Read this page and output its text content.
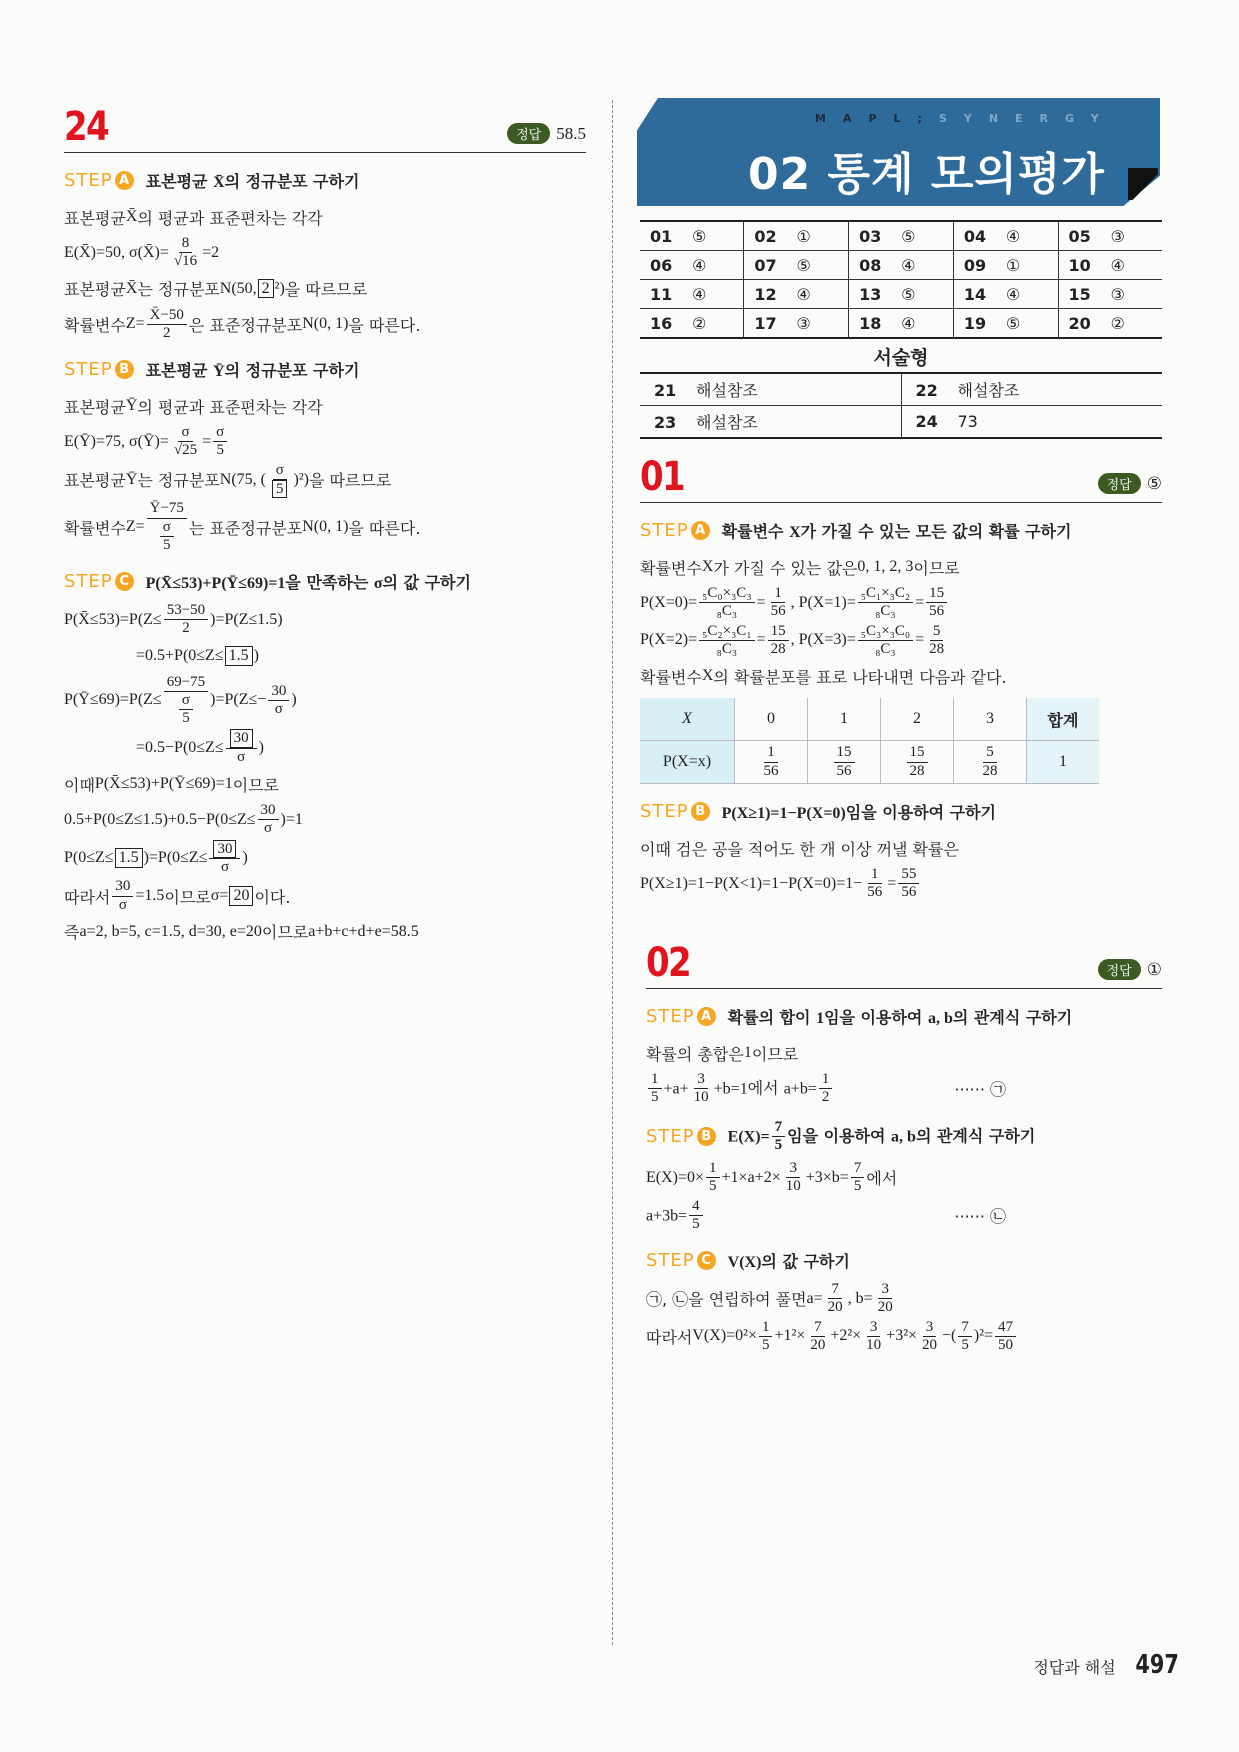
24	정답 58.5
STEP A 표본평균 X̄의 정규분포 구하기
표본평균 X̄ 의 평균과 표준편차는 각각
E(X̄)=50, σ(X̄)= $\frac{8}{√16} =2$
표본평균 X̄ 는 정규분포 N(50, 2 ²) 을 따르므로
확률변수 $Z= \frac{X̄-50}{2}$ 은 표준정규분포 N(0, 1) 을 따른다.
STEP B 표본평균 Ȳ의 정규분포 구하기
표본평균 Ȳ 의 평균과 표준편차는 각각
E(Ȳ)=75, σ(Ȳ)= $\frac{\sigma}{√25} = \frac{\sigma}{5}$
표본평균 Ȳ 는 정규분포 N(75, ( $\frac{\sigma}{5} )^2$) 을 따르므로
확률변수 $Z= \frac{Ȳ-75}{\frac{\sigma}{5}}$ 는 표준정규분포 N(0, 1) 을 따른다.
STEP C P(X̄≤53)+P(Ȳ≤69)=1을 만족하는 σ의 값 구하기
P(X̄≤53)=P(Z≤ $\frac{53-50}{2} )=P(Z\le 1.5)$
=0.5+P(0≤Z≤ 1.5 )
P(Ȳ≤69)=P(Z≤ $\frac{69-75}{\frac{\sigma}{5}} )=P(Z\le- \frac{30}{\sigma}$ )
$=0.5-P(0\le Z\le \frac{30}{\sigma}$ )
이때 P(X̄≤53)+P(Ȳ≤69)=1 이므로
$0.5+P(0\le Z\le 1.5)+0.5-P(0\le Z\le \frac{30}{\sigma} )=1$
P(0≤Z≤ 1.5 )$=P(0\le Z\le \frac{30}{\sigma}$ )
따라서 $\frac{30}{\sigma} =1.5$ 이므로 σ= 20 이다.
즉 a=2, b=5, c=1.5, d=30, e=20 이므로 a+b+c+d+e=58.5
MAPL;SYNERGY
02 통계 모의평가
01 ⑤	02 ①	03 ⑤	04 ④	05 ③
06 ④	07 ⑤	08 ④	09 ①	10 ④
11 ④	12 ④	13 ⑤	14 ④	15 ③
16 ②	17 ③	18 ④	19 ⑤	20 ②
서술형
21 해설참조	22 해설참조
23 해설참조	24 73
01	정답 ⑤
STEP A 확률변수 X가 가질 수 있는 모든 값의 확률 구하기
확률변수 X 가 가질 수 있는 값은 0, 1, 2, 3 이므로
$P(X=0)= \frac{\text{₅C₀×₃C₃}}{\text{₈C₃}} = \frac{1}{56}$ , $P(X=1)= \frac{\text{₅C₁×₃C₂}}{\text{₈C₃}} = \frac{15}{56}$
$P(X=2)= \frac{\text{₅C₂×₃C₁}}{\text{₈C₃}} = \frac{15}{28}$ , $P(X=3)= \frac{\text{₅C₃×₃C₀}}{\text{₈C₃}} = \frac{5}{28}$
확률변수 X 의 확률분포를 표로 나타내면 다음과 같다.
X	0	1	2	3	합계
P(X=x)	$\frac{1}{56}$	$\frac{15}{56}$	$\frac{15}{28}$	$\frac{5}{28}$	1
STEP B P(X≥1)=1−P(X=0)임을 이용하여 구하기
이때 검은 공을 적어도 한 개 이상 꺼낼 확률은
$P(X\ge 1)=1-P(X<1)=1-P(X=0)=1- \frac{1}{56} = \frac{55}{56}$
02	정답 ①
STEP A 확률의 합이 1임을 이용하여 a, b의 관계식 구하기
확률의 총합은 1 이므로
$\frac{1}{5} +a+ \frac{3}{10} +b=1$에서 $a+b= \frac{1}{2}$	······ ㉠
STEP B $E(X)= \frac{7}{5}$ 임을 이용하여 a, b의 관계식 구하기
$E(X)=0\times \frac{1}{5} +1\times a+2\times \frac{3}{10} +3\times b= \frac{7}{5}$ 에서
$a+3b= \frac{4}{5}$	······ ㉡
STEP C V(X)의 값 구하기
㉠, ㉡을 연립하여 풀면 $a= \frac{7}{20}$ , $b= \frac{3}{20}$
따라서 $V(X)=0^2\times \frac{1}{5} +1^2\times \frac{7}{20} +2^2\times \frac{3}{10} +3^2\times \frac{3}{20}$ −( $\frac{7}{5} )^2= \frac{47}{50}$
정답과 해설 497
